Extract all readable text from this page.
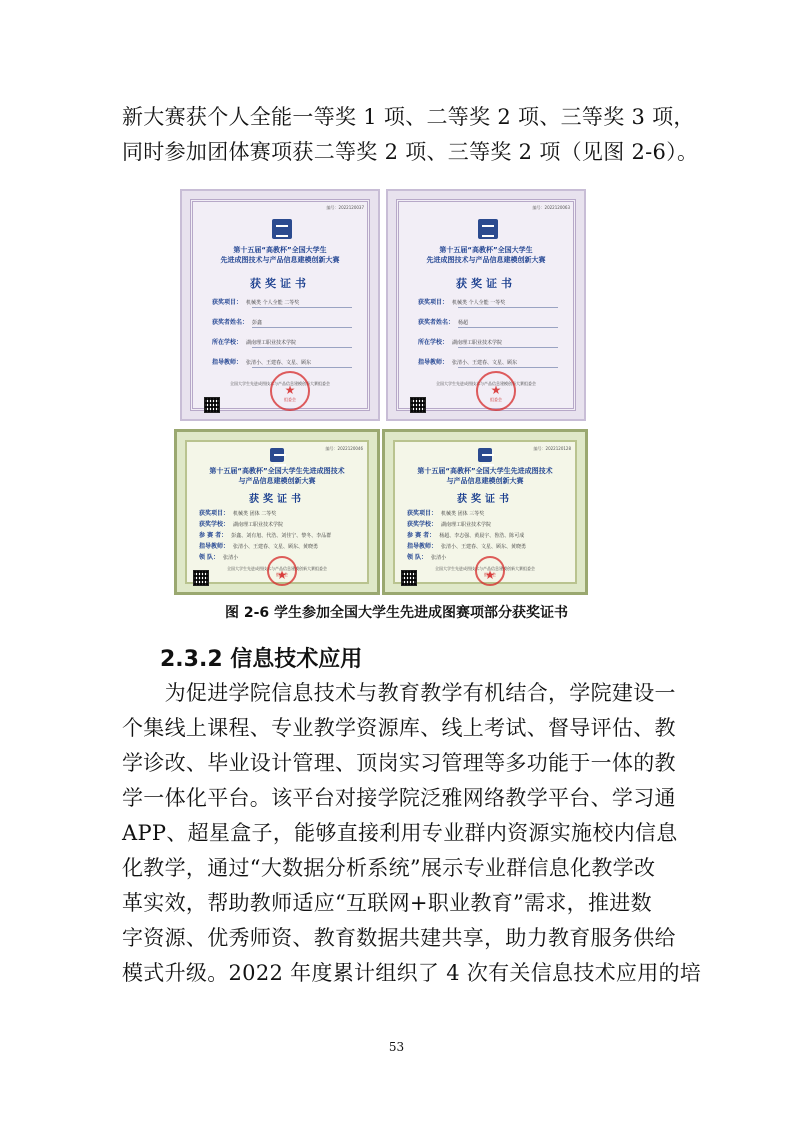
新大赛获个人全能一等奖 1 项、二等奖 2 项、三等奖 3 项，
同时参加团体赛项获二等奖 2 项、三等奖 2 项（见图 2-6）。
编号：2022120037
第十五届“高教杯”全国大学生
先进成图技术与产品信息建模创新大赛
获奖证书
获奖项目： 机械类 个人全能 二等奖
获奖者姓名： 彭鑫
所在学校： 湖南理工职业技术学院
指导教师： 张清小、王建春、文星、顾东
全国大学生先进成图技术与产品信息建模创新大赛组委会
组委会
★
编号：2022120063
第十五届“高教杯”全国大学生
先进成图技术与产品信息建模创新大赛
获奖证书
获奖项目： 机械类 个人全能 一等奖
获奖者姓名： 杨超
所在学校： 湖南理工职业技术学院
指导教师： 张清小、王建春、文星、顾东
全国大学生先进成图技术与产品信息建模创新大赛组委会
组委会
★
编号：2022120046
第十五届“高教杯”全国大学生先进成图技术
与产品信息建模创新大赛
获奖证书
获奖项目： 机械类 团体 二等奖
获奖学校： 湖南理工职业技术学院
参 赛 者： 彭鑫、刘有旭、代浩、刘佳宁、黎冬、李品群
指导教师： 张清小、王建春、文星、顾东、黄晓勇
领 队： 张清小
全国大学生先进成图技术与产品信息建模创新大赛组委会
组委会
★
编号：2022120128
第十五届“高教杯”全国大学生先进成图技术
与产品信息建模创新大赛
获奖证书
获奖项目： 机械类 团体 三等奖
获奖学校： 湖南理工职业技术学院
参 赛 者： 杨超、李志强、黄晨宇、鲁浩、陈可成
指导教师： 张清小、王建春、文星、顾东、黄晓勇
领 队： 张清小
全国大学生先进成图技术与产品信息建模创新大赛组委会
组委会
★
图 2-6 学生参加全国大学生先进成图赛项部分获奖证书
2.3.2 信息技术应用
　　为促进学院信息技术与教育教学有机结合，学院建设一
个集线上课程、专业教学资源库、线上考试、督导评估、教
学诊改、毕业设计管理、顶岗实习管理等多功能于一体的教
学一体化平台。该平台对接学院泛雅网络教学平台、学习通
APP、超星盒子，能够直接利用专业群内资源实施校内信息
化教学，通过“大数据分析系统”展示专业群信息化教学改
革实效，帮助教师适应“互联网+职业教育”需求，推进数
字资源、优秀师资、教育数据共建共享，助力教育服务供给
模式升级。2022 年度累计组织了 4 次有关信息技术应用的培
53
